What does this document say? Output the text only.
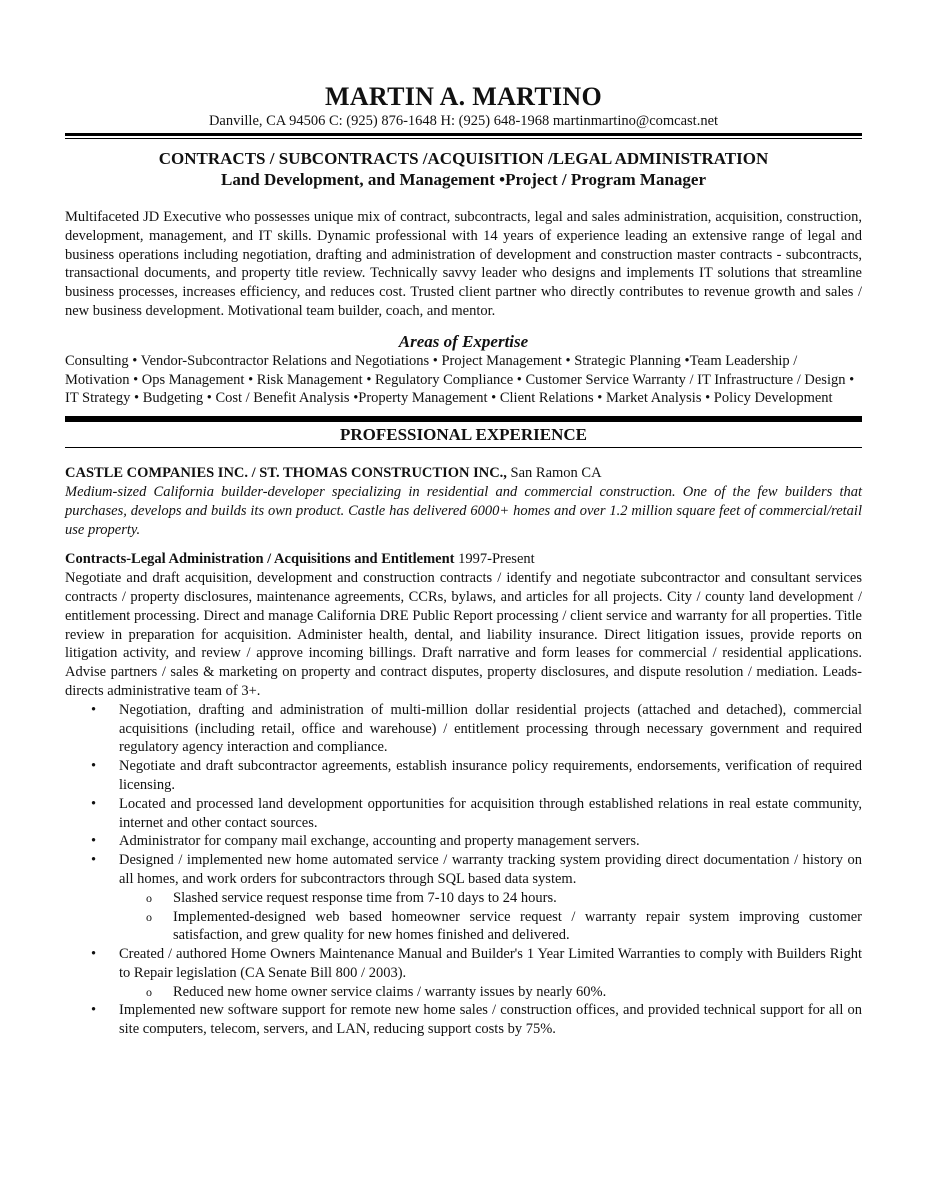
MARTIN A. MARTINO
Danville, CA 94506 C: (925) 876-1648 H: (925) 648-1968 martinmartino@comcast.net
CONTRACTS / SUBCONTRACTS /ACQUISITION /LEGAL ADMINISTRATION
Land Development, and Management •Project / Program Manager
Multifaceted JD Executive who possesses unique mix of contract, subcontracts, legal and sales administration, acquisition, construction, development, management, and IT skills. Dynamic professional with 14 years of experience leading an extensive range of legal and business operations including negotiation, drafting and administration of development and construction master contracts - subcontracts, transactional documents, and property title review. Technically savvy leader who designs and implements IT solutions that streamline business processes, increases efficiency, and reduces cost. Trusted client partner who directly contributes to revenue growth and sales / new business development. Motivational team builder, coach, and mentor.
Areas of Expertise
Consulting • Vendor-Subcontractor Relations and Negotiations • Project Management • Strategic Planning •Team Leadership / Motivation • Ops Management • Risk Management • Regulatory Compliance • Customer Service Warranty / IT Infrastructure / Design • IT Strategy • Budgeting • Cost / Benefit Analysis •Property Management • Client Relations • Market Analysis • Policy Development
PROFESSIONAL EXPERIENCE
CASTLE COMPANIES INC. / ST. THOMAS CONSTRUCTION INC., San Ramon CA
Medium-sized California builder-developer specializing in residential and commercial construction. One of the few builders that purchases, develops and builds its own product. Castle has delivered 6000+ homes and over 1.2 million square feet of commercial/retail use property.
Contracts-Legal Administration / Acquisitions and Entitlement 1997-Present
Negotiate and draft acquisition, development and construction contracts / identify and negotiate subcontractor and consultant services contracts / property disclosures, maintenance agreements, CCRs, bylaws, and articles for all projects. City / county land development / entitlement processing. Direct and manage California DRE Public Report processing / client service and warranty for all properties. Title review in preparation for acquisition. Administer health, dental, and liability insurance. Direct litigation issues, provide reports on litigation activity, and review / approve incoming billings. Draft narrative and form leases for commercial / residential applications. Advise partners / sales & marketing on property and contract disputes, property disclosures, and dispute resolution / mediation. Leads-directs administrative team of 3+.
• Negotiation, drafting and administration of multi-million dollar residential projects (attached and detached), commercial acquisitions (including retail, office and warehouse) / entitlement processing through necessary government and required regulatory agency interaction and compliance.
• Negotiate and draft subcontractor agreements, establish insurance policy requirements, endorsements, verification of required licensing.
• Located and processed land development opportunities for acquisition through established relations in real estate community, internet and other contact sources.
• Administrator for company mail exchange, accounting and property management servers.
• Designed / implemented new home automated service / warranty tracking system providing direct documentation / history on all homes, and work orders for subcontractors through SQL based data system.
o Slashed service request response time from 7-10 days to 24 hours.
o Implemented-designed web based homeowner service request / warranty repair system improving customer satisfaction, and grew quality for new homes finished and delivered.
• Created / authored Home Owners Maintenance Manual and Builder's 1 Year Limited Warranties to comply with Builders Right to Repair legislation (CA Senate Bill 800 / 2003).
o Reduced new home owner service claims / warranty issues by nearly 60%.
• Implemented new software support for remote new home sales / construction offices, and provided technical support for all on site computers, telecom, servers, and LAN, reducing support costs by 75%.
